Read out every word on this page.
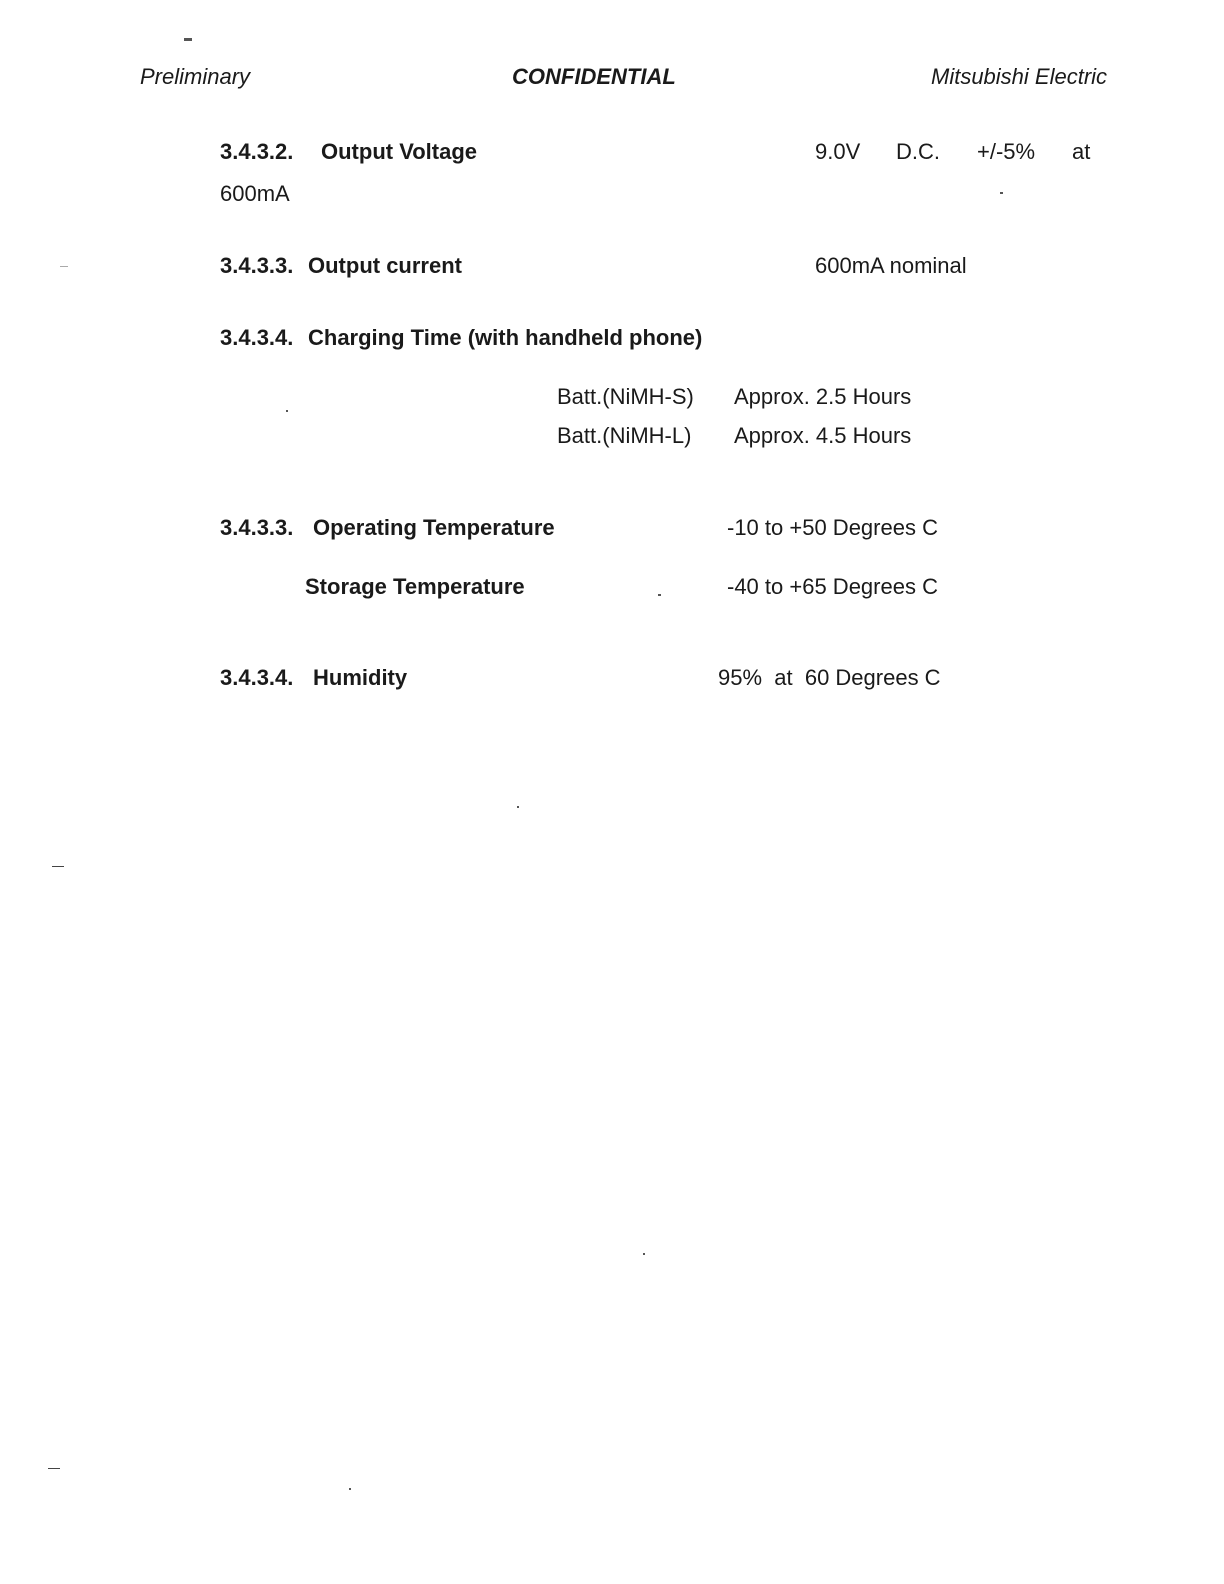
Preliminary	CONFIDENTIAL	Mitsubishi Electric
3.4.3.2. Output Voltage	9.0V D.C. +/-5% at
600mA
3.4.3.3. Output current	600mA nominal
3.4.3.4. Charging Time (with handheld phone)
Batt.(NiMH-S) Approx. 2.5 Hours
Batt.(NiMH-L) Approx. 4.5 Hours
3.4.3.3. Operating Temperature	-10 to +50 Degrees C
Storage Temperature	-40 to +65 Degrees C
3.4.3.4. Humidity	95%  at  60 Degrees C
